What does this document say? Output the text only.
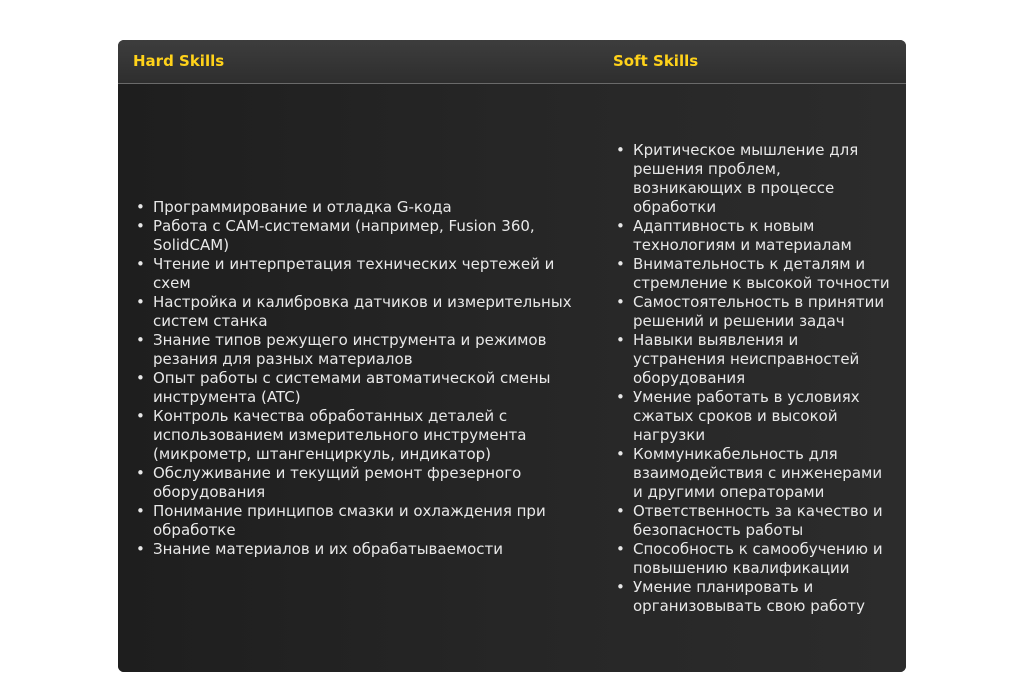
Hard Skills	Soft Skills
• Программирование и отладка G-кода
• Работа с CAM-системами (например, Fusion 360, SolidCAM)
• Чтение и интерпретация технических чертежей и схем
• Настройка и калибровка датчиков и измерительных систем станка
• Знание типов режущего инструмента и режимов резания для разных материалов
• Опыт работы с системами автоматической смены инструмента (ATC)
• Контроль качества обработанных деталей с использованием измерительного инструмента (микрометр, штангенциркуль, индикатор)
• Обслуживание и текущий ремонт фрезерного оборудования
• Понимание принципов смазки и охлаждения при обработке
• Знание материалов и их обрабатываемости
• Критическое мышление для решения проблем, возникающих в процессе обработки
• Адаптивность к новым технологиям и материалам
• Внимательность к деталям и стремление к высокой точности
• Самостоятельность в принятии решений и решении задач
• Навыки выявления и устранения неисправностей оборудования
• Умение работать в условиях сжатых сроков и высокой нагрузки
• Коммуникабельность для взаимодействия с инженерами и другими операторами
• Ответственность за качество и безопасность работы
• Способность к самообучению и повышению квалификации
• Умение планировать и организовывать свою работу
